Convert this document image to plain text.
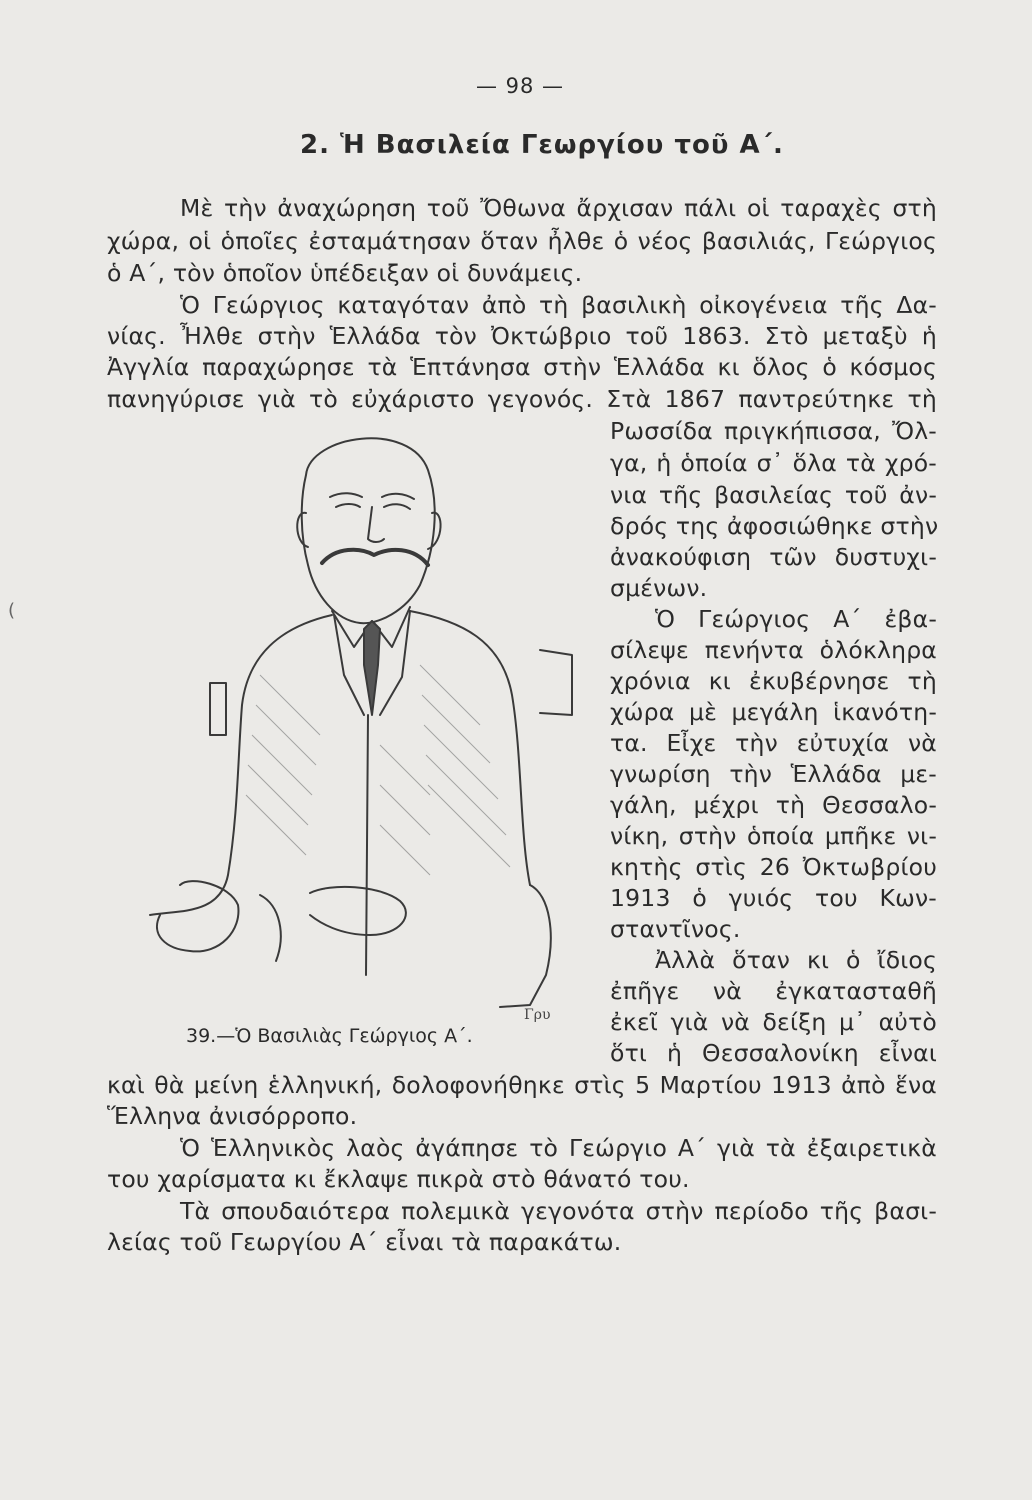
— 98 —
2. Ἡ Βασιλεία Γεωργίου τοῦ Α΄.
(
Μὲ τὴν ἀναχώρηση τοῦ Ὄθωνα ἄρχισαν πάλι οἱ ταραχὲς στὴ
χώρα, οἱ ὁποῖες ἐσταμάτησαν ὅταν ἦλθε ὁ νέος βασιλιάς, Γεώργιος
ὁ Α΄, τὸν ὁποῖον ὑπέδειξαν οἱ δυνάμεις.
Ὁ Γεώργιος καταγόταν ἀπὸ τὴ βασιλικὴ οἰκογένεια τῆς Δα-
νίας. Ἦλθε στὴν Ἑλλάδα τὸν Ὀκτώβριο τοῦ 1863. Στὸ μεταξὺ ἡ
Ἀγγλία παραχώρησε τὰ Ἑπτάνησα στὴν Ἑλλάδα κι ὅλος ὁ κόσμος
πανηγύρισε γιὰ τὸ εὐχάριστο γεγονός. Στὰ 1867 παντρεύτηκε τὴ
Ρωσσίδα πριγκήπισσα, Ὄλ-
γα, ἡ ὁποία σ᾿ ὅλα τὰ χρό-
νια τῆς βασιλείας τοῦ ἀν-
δρός της ἀφοσιώθηκε στὴν
ἀνακούφιση τῶν δυστυχι-
σμένων.
Ὁ Γεώργιος Α΄ ἐβα-
σίλεψε πενήντα ὁλόκληρα
χρόνια κι ἐκυβέρνησε τὴ
χώρα μὲ μεγάλη ἱκανότη-
τα. Εἶχε τὴν εὐτυχία νὰ
γνωρίση τὴν Ἑλλάδα με-
γάλη, μέχρι τὴ Θεσσαλο-
νίκη, στὴν ὁποία μπῆκε νι-
κητὴς στὶς 26 Ὀκτωβρίου
1913 ὁ γυιός του Κων-
σταντῖνος.
Ἀλλὰ ὅταν κι ὁ ἴδιος
ἐπῆγε νὰ ἐγκατασταθῆ
ἐκεῖ γιὰ νὰ δείξη μ᾿ αὐτὸ
ὅτι ἡ Θεσσαλονίκη εἶναι
καὶ θὰ μείνη ἑλληνική, δολοφονήθηκε στὶς 5 Μαρτίου 1913 ἀπὸ ἕνα
Ἕλληνα ἀνισόρροπο.
Ὁ Ἑλληνικὸς λαὸς ἀγάπησε τὸ Γεώργιο Α΄ γιὰ τὰ ἐξαιρετικὰ
του χαρίσματα κι ἔκλαψε πικρὰ στὸ θάνατό του.
Τὰ σπουδαιότερα πολεμικὰ γεγονότα στὴν περίοδο τῆς βασι-
λείας τοῦ Γεωργίου Α΄ εἶναι τὰ παρακάτω.
Γρυ
39.—Ὁ Βασιλιὰς Γεώργιος Α΄.
